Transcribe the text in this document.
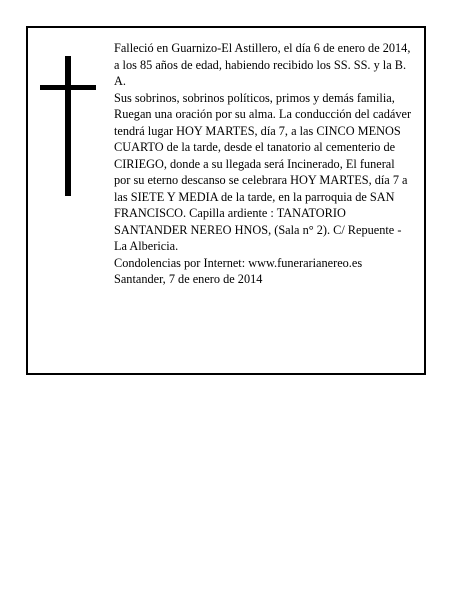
Falleció en Guarnizo-El Astillero, el día 6 de enero de 2014, a los 85 años de edad, habiendo recibido los SS. SS. y la B. A.

Sus sobrinos, sobrinos políticos, primos y demás familia,

Ruegan una oración por su alma. La conducción del cadáver tendrá lugar HOY MARTES, día 7, a las CINCO MENOS CUARTO de la tarde, desde el tanatorio al cementerio de CIRIEGO, donde a su llegada será Incinerado, El funeral por su eterno descanso se celebrara HOY MARTES, día 7 a las SIETE Y MEDIA de la tarde, en la parroquia de SAN FRANCISCO. Capilla ardiente : TANATORIO SANTANDER NEREO HNOS, (Sala n° 2). C/ Repuente - La Albericia.

Condolencias por Internet: www.funerarianereo.es

Santander, 7 de enero de 2014
